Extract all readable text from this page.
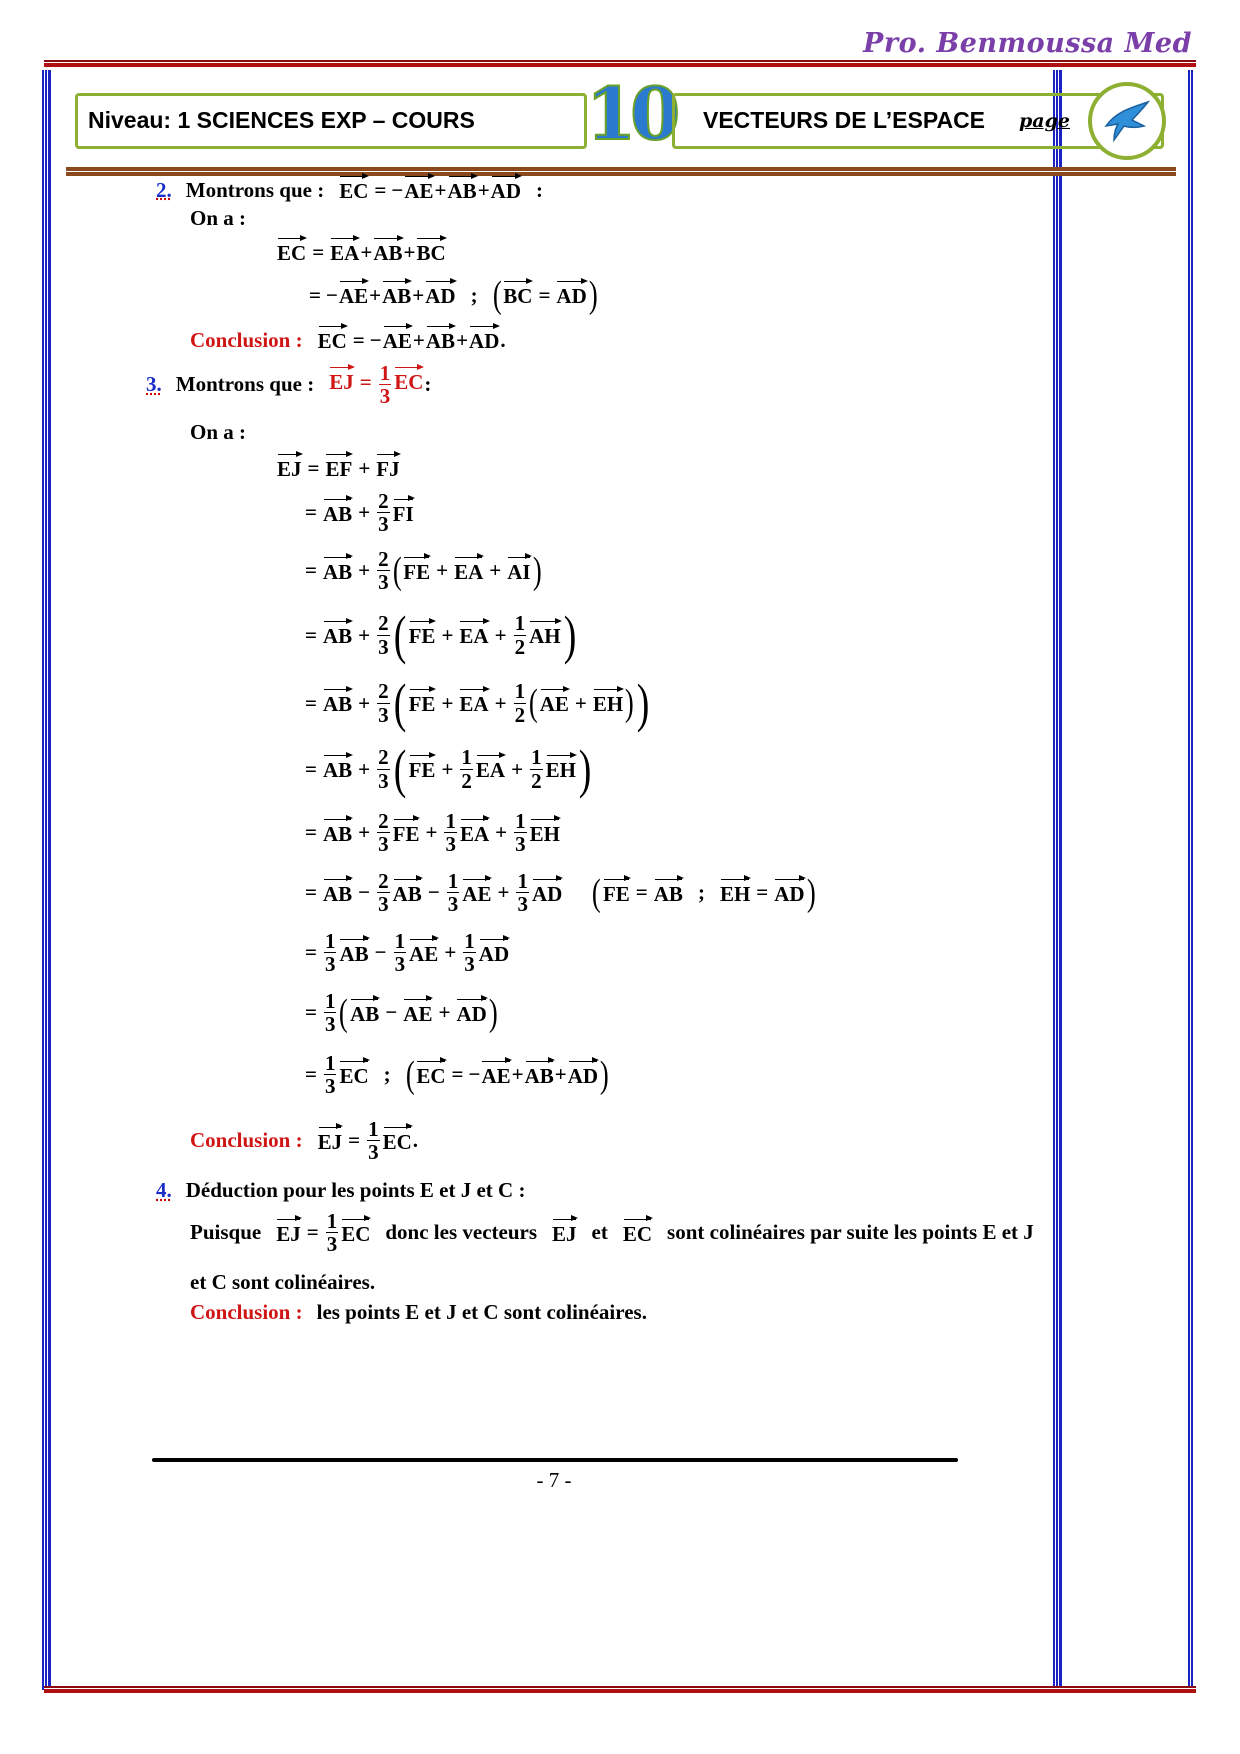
Pro. Benmoussa Med
Niveau: 1 SCIENCES EXP – COURS 10 VECTEURS DE L’ESPACE page
2. Montrons que : EC = − AE + AB + AD :
On a :
EC = EA + AB + BC
= − AE + AB + AD ; ( BC = AD )
Conclusion : EC = − AE + AB + AD .
3. Montrons que : EJ = $\frac{1}{3}$ EC :
On a :
EJ = EF + FJ
= AB + $\frac{2}{3}$ FI
= AB + $\frac{2}{3}$ ( FE + EA + AI )
= AB + $\frac{2}{3}$ ( FE + EA + $\frac{1}{2}$ AH )
= AB + $\frac{2}{3}$ ( FE + EA + $\frac{1}{2}$ ( AE + EH ) )
= AB + $\frac{2}{3}$ ( FE + $\frac{1}{2}$ EA + $\frac{1}{2}$ EH )
= AB + $\frac{2}{3}$ FE + $\frac{1}{3}$ EA + $\frac{1}{3}$ EH
= AB − $\frac{2}{3}$ AB − $\frac{1}{3}$ AE + $\frac{1}{3}$ AD ( FE = AB ; EH = AD )
= $\frac{1}{3}$ AB − $\frac{1}{3}$ AE + $\frac{1}{3}$ AD
= $\frac{1}{3}$ ( AB − AE + AD )
= $\frac{1}{3}$ EC ; ( EC = − AE + AB + AD )
Conclusion : EJ = $\frac{1}{3}$ EC .
4. Déduction pour les points E et J et C :
Puisque EJ = $\frac{1}{3}$ EC donc les vecteurs EJ et EC sont colinéaires par suite les points E et J
et C sont colinéaires.
Conclusion : les points E et J et C sont colinéaires.
- 7 -
